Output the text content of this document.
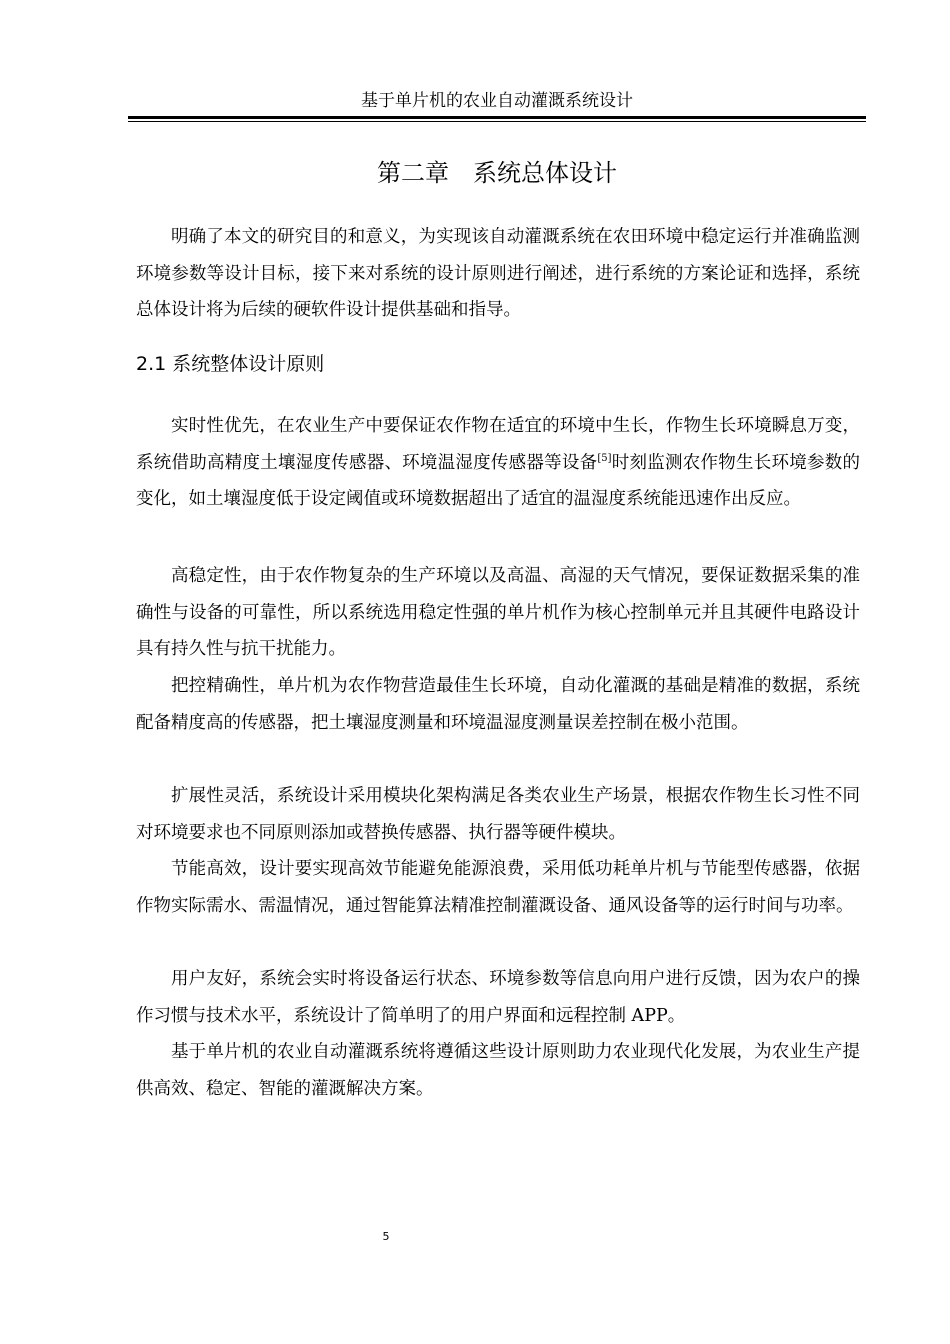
基于单片机的农业自动灌溉系统设计
第二章　系统总体设计

明确了本文的研究目的和意义，为实现该自动灌溉系统在农田环境中稳定运行并准确监测环境参数等设计目标，接下来对系统的设计原则进行阐述，进行系统的方案论证和选择，系统总体设计将为后续的硬软件设计提供基础和指导。

2.1 系统整体设计原则

实时性优先，在农业生产中要保证农作物在适宜的环境中生长，作物生长环境瞬息万变，系统借助高精度土壤湿度传感器、环境温湿度传感器等设备[5]时刻监测农作物生长环境参数的变化，如土壤湿度低于设定阈值或环境数据超出了适宜的温湿度系统能迅速作出反应。

高稳定性，由于农作物复杂的生产环境以及高温、高湿的天气情况，要保证数据采集的准确性与设备的可靠性，所以系统选用稳定性强的单片机作为核心控制单元并且其硬件电路设计具有持久性与抗干扰能力。

把控精确性，单片机为农作物营造最佳生长环境，自动化灌溉的基础是精准的数据，系统配备精度高的传感器，把土壤湿度测量和环境温湿度测量误差控制在极小范围。

扩展性灵活，系统设计采用模块化架构满足各类农业生产场景，根据农作物生长习性不同对环境要求也不同原则添加或替换传感器、执行器等硬件模块。

节能高效，设计要实现高效节能避免能源浪费，采用低功耗单片机与节能型传感器，依据作物实际需水、需温情况，通过智能算法精准控制灌溉设备、通风设备等的运行时间与功率。

用户友好，系统会实时将设备运行状态、环境参数等信息向用户进行反馈，因为农户的操作习惯与技术水平，系统设计了简单明了的用户界面和远程控制 APP。

基于单片机的农业自动灌溉系统将遵循这些设计原则助力农业现代化发展，为农业生产提供高效、稳定、智能的灌溉解决方案。

5
